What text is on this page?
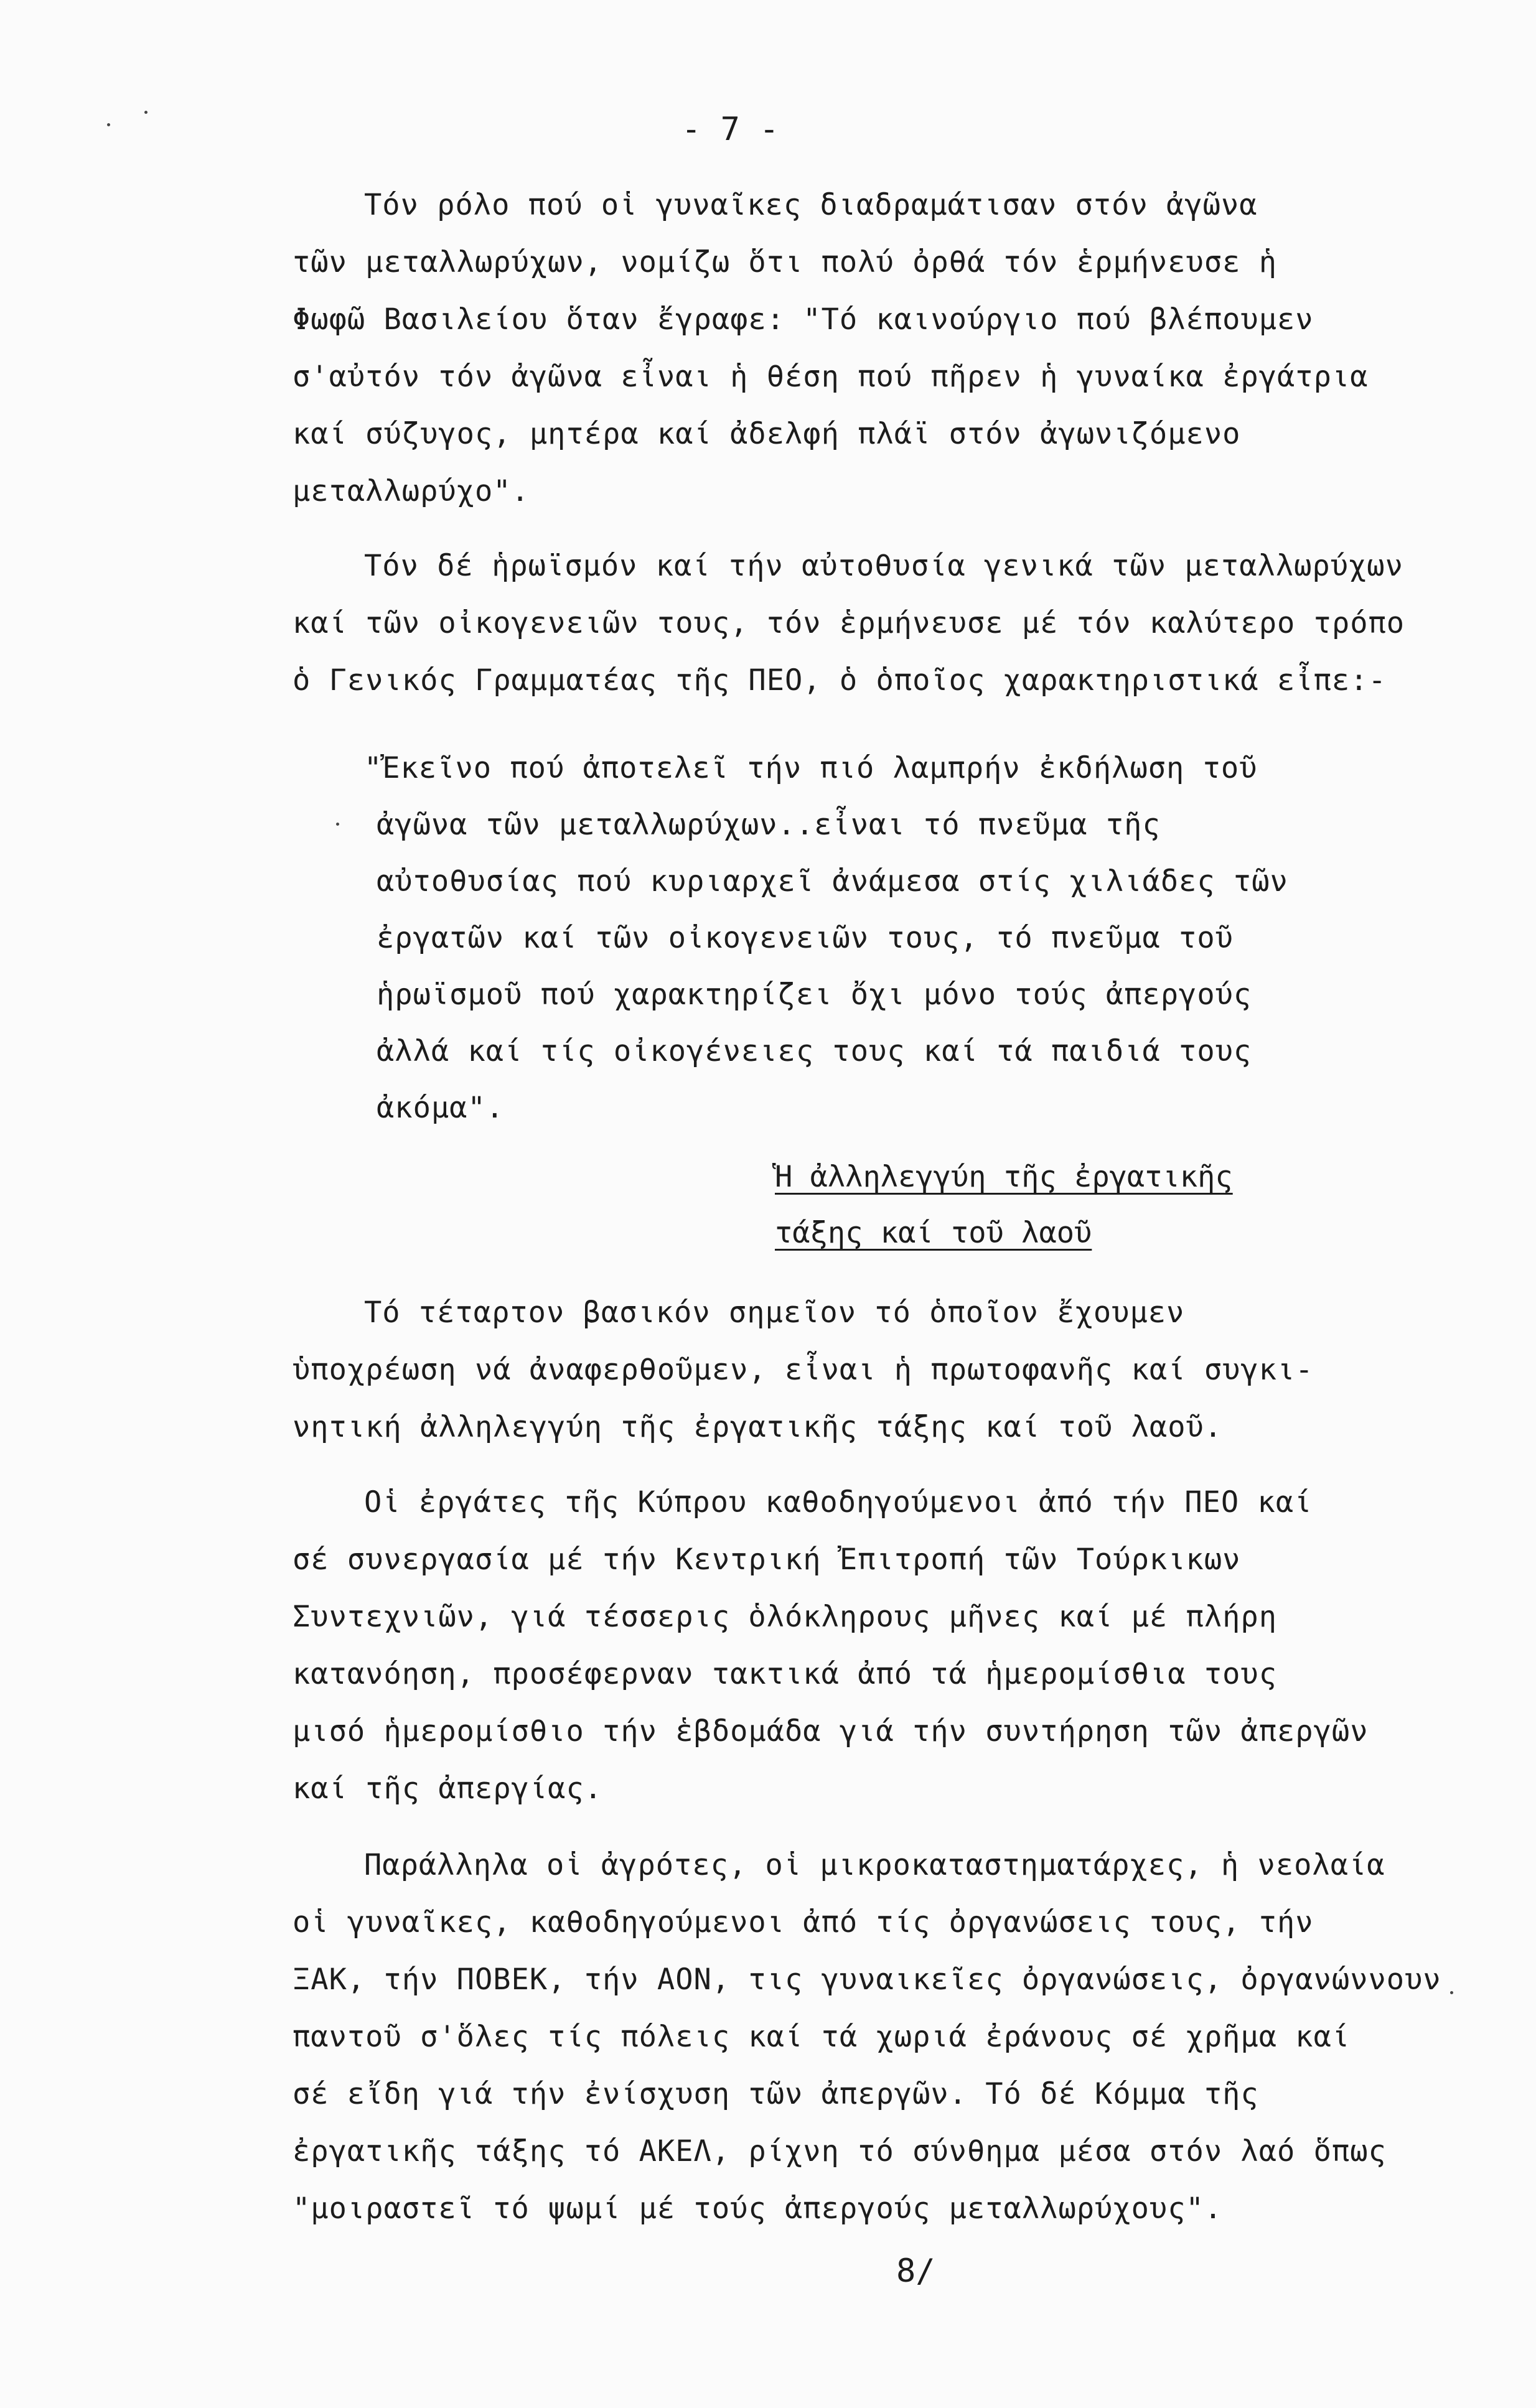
- 7 -
Τόν ρόλο πού οἱ γυναῖκες διαδραμάτισαν στόν ἀγῶνα
τῶν μεταλλωρύχων, νομίζω ὅτι πολύ ὀρθά τόν ἑρμήνευσε ἡ
Φωφῶ Βασιλείου ὅταν ἔγραφε: "Τό καινούργιο πού βλέπουμεν
σ'αὐτόν τόν ἀγῶνα εἶναι ἡ θέση πού πῆρεν ἡ γυναίκα ἐργάτρια
καί σύζυγος, μητέρα καί ἀδελφή πλάϊ στόν ἀγωνιζόμενο
μεταλλωρύχο".
Τόν δέ ἡρωϊσμόν καί τήν αὐτοθυσία γενικά τῶν μεταλλωρύχων
καί τῶν οἰκογενειῶν τους, τόν ἑρμήνευσε μέ τόν καλύτερο τρόπο
ὁ Γενικός Γραμματέας τῆς ΠΕΟ, ὁ ὁποῖος χαρακτηριστικά εἶπε:-
"Ἐκεῖνο πού ἀποτελεῖ τήν πιό λαμπρήν ἐκδήλωση τοῦ
ἀγῶνα τῶν μεταλλωρύχων..εἶναι τό πνεῦμα τῆς
αὐτοθυσίας πού κυριαρχεῖ ἀνάμεσα στίς χιλιάδες τῶν
ἐργατῶν καί τῶν οἰκογενειῶν τους, τό πνεῦμα τοῦ
ἡρωϊσμοῦ πού χαρακτηρίζει ὄχι μόνο τούς ἀπεργούς
ἀλλά καί τίς οἰκογένειες τους καί τά παιδιά τους
ἀκόμα".
Ἡ ἀλληλεγγύη τῆς ἐργατικῆς
τάξης καί τοῦ λαοῦ
Τό τέταρτον βασικόν σημεῖον τό ὁποῖον ἔχουμεν
ὑποχρέωση νά ἀναφερθοῦμεν, εἶναι ἡ πρωτοφανῆς καί συγκι-
νητική ἀλληλεγγύη τῆς ἐργατικῆς τάξης καί τοῦ λαοῦ.
Οἱ ἐργάτες τῆς Κύπρου καθοδηγούμενοι ἀπό τήν ΠΕΟ καί
σέ συνεργασία μέ τήν Κεντρική Ἐπιτροπή τῶν Τούρκικων
Συντεχνιῶν, γιά τέσσερις ὁλόκληρους μῆνες καί μέ πλήρη
κατανόηση, προσέφερναν τακτικά ἀπό τά ἡμερομίσθια τους
μισό ἡμερομίσθιο τήν ἑβδομάδα γιά τήν συντήρηση τῶν ἀπεργῶν
καί τῆς ἀπεργίας.
Παράλληλα οἱ ἀγρότες, οἱ μικροκαταστηματάρχες, ἡ νεολαία
οἱ γυναῖκες, καθοδηγούμενοι ἀπό τίς ὀργανώσεις τους, τήν
ΞΑΚ, τήν ΠΟΒΕΚ, τήν ΑΟΝ, τις γυναικεῖες ὀργανώσεις, ὀργανώννουν
παντοῦ σ'ὅλες τίς πόλεις καί τά χωριά ἐράνους σέ χρῆμα καί
σέ εἴδη γιά τήν ἐνίσχυση τῶν ἀπεργῶν. Τό δέ Κόμμα τῆς
ἐργατικῆς τάξης τό ΑΚΕΛ, ρίχνη τό σύνθημα μέσα στόν λαό ὅπως
"μοιραστεῖ τό ψωμί μέ τούς ἀπεργούς μεταλλωρύχους".
8/
